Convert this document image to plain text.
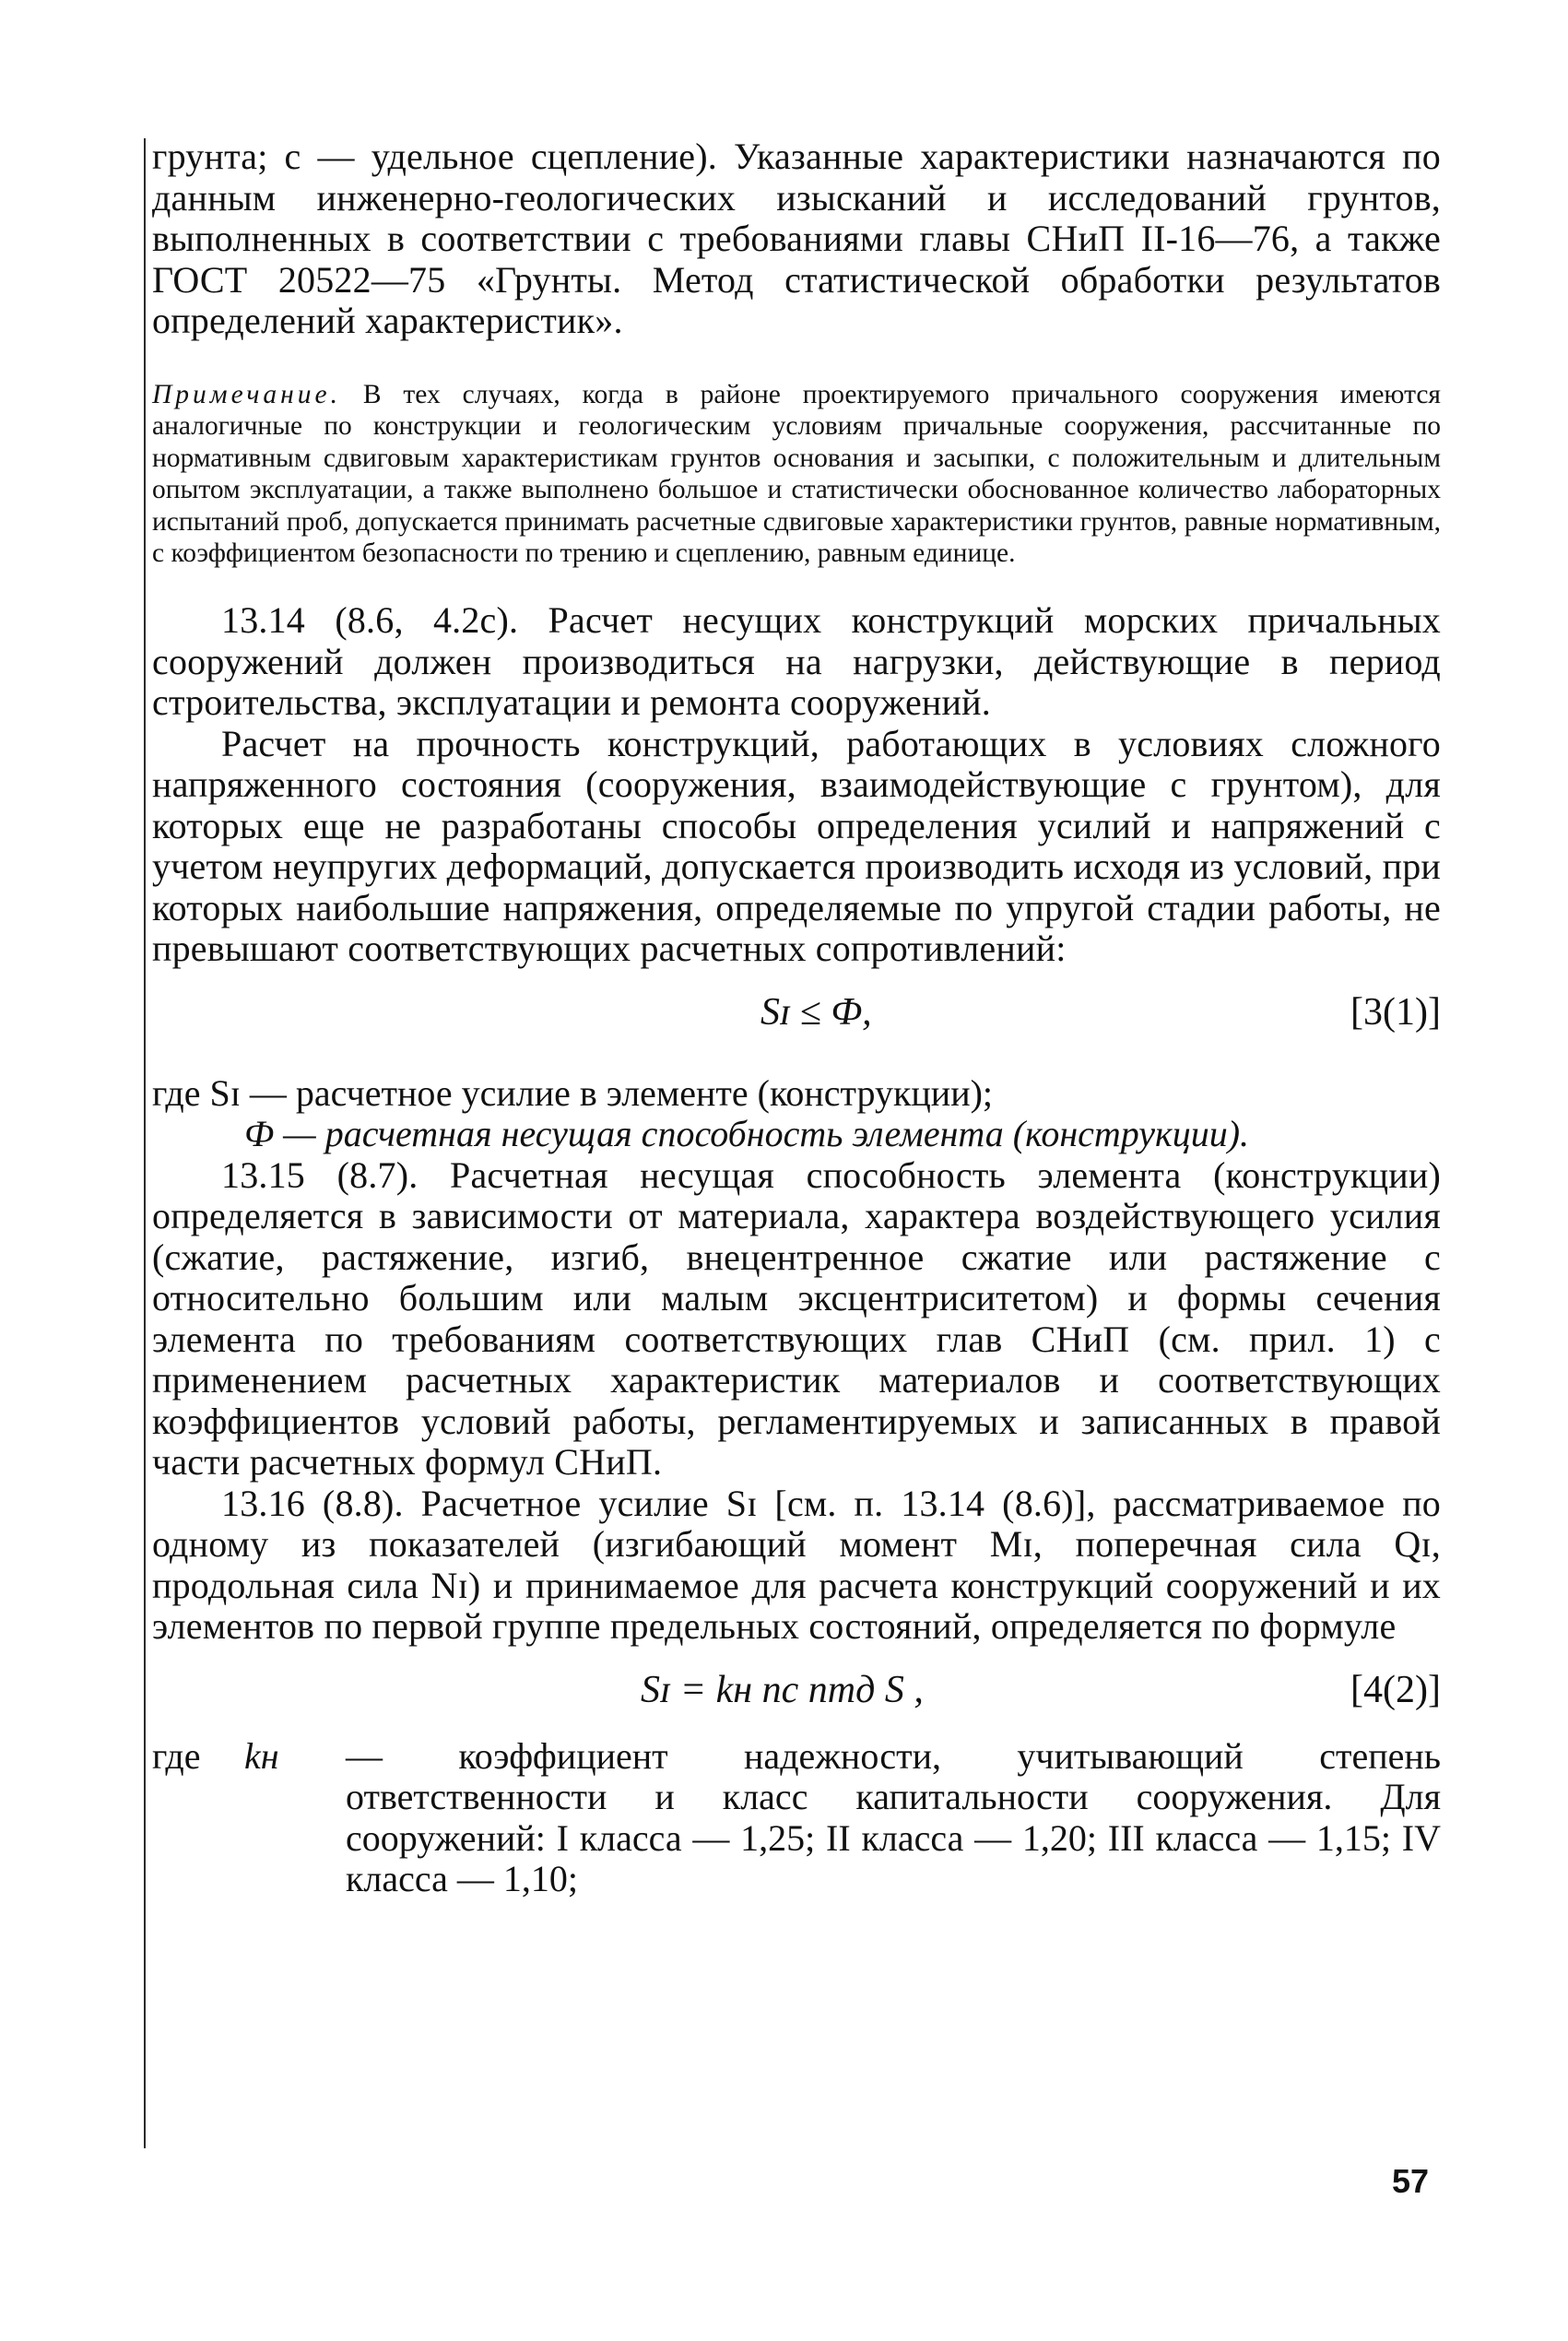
грунта; с — удельное сцепление). Указанные характеристики назначаются по данным инженерно-геологических изысканий и исследований грунтов, выполненных в соответствии с требованиями главы СНиП II-16—76, а также ГОСТ 20522—75 «Грунты. Метод статистической обработки результатов определений характеристик».

Примечание. В тех случаях, когда в районе проектируемого причального сооружения имеются аналогичные по конструкции и геологическим условиям причальные сооружения, рассчитанные по нормативным сдвиговым характеристикам грунтов основания и засыпки, с положительным и длительным опытом эксплуатации, а также выполнено большое и статистически обоснованное количество лабораторных испытаний проб, допускается принимать расчетные сдвиговые характеристики грунтов, равные нормативным, с коэффициентом безопасности по трению и сцеплению, равным единице.

13.14 (8.6, 4.2с). Расчет несущих конструкций морских причальных сооружений должен производиться на нагрузки, действующие в период строительства, эксплуатации и ремонта сооружений.

Расчет на прочность конструкций, работающих в условиях сложного напряженного состояния (сооружения, взаимодействующие с грунтом), для которых еще не разработаны способы определения усилий и напряжений с учетом неупругих деформаций, допускается производить исходя из условий, при которых наибольшие напряжения, определяемые по упругой стадии работы, не превышают соответствующих расчетных сопротивлений:

Sɪ ≤ Ф,	[3(1)]

где Sɪ — расчетное усилие в элементе (конструкции);

Ф — расчетная несущая способность элемента (конструкции).

13.15 (8.7). Расчетная несущая способность элемента (конструкции) определяется в зависимости от материала, характера воздействующего усилия (сжатие, растяжение, изгиб, внецентренное сжатие или растяжение с относительно большим или малым эксцентриситетом) и формы сечения элемента по требованиям соответствующих глав СНиП (см. прил. 1) с применением расчетных характеристик материалов и соответствующих коэффициентов условий работы, регламентируемых и записанных в правой части расчетных формул СНиП.

13.16 (8.8). Расчетное усилие Sɪ [см. п. 13.14 (8.6)], рассматриваемое по одному из показателей (изгибающий момент Mɪ, поперечная сила Qɪ, продольная сила Nɪ) и принимаемое для расчета конструкций сооружений и их элементов по первой группе предельных состояний, определяется по формуле

Sɪ = kн nс nmд S ,	[4(2)]
где kн — коэффициент надежности, учитывающий степень ответственности и класс капитальности сооружения. Для сооружений: I класса — 1,25; II класса — 1,20; III класса — 1,15; IV класса — 1,10;
57
